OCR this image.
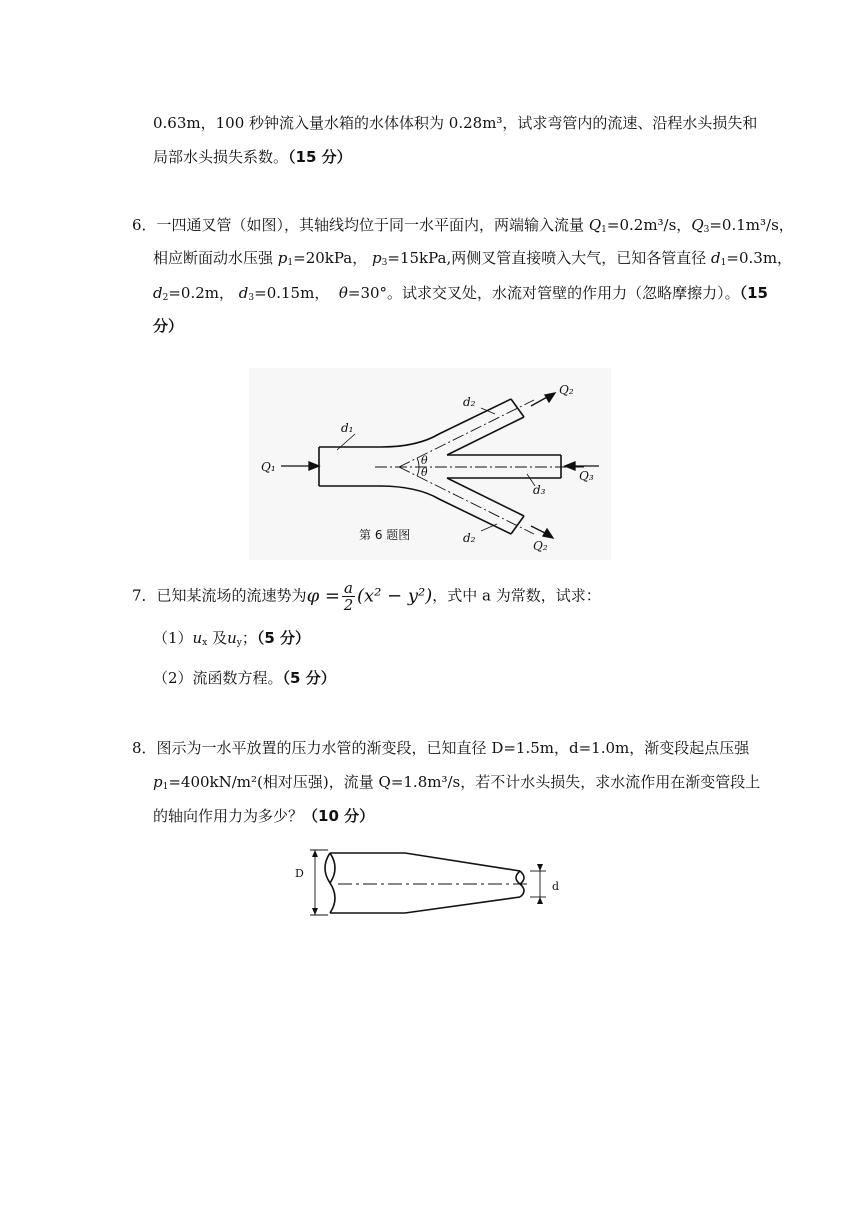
0.63m，100 秒钟流入量水箱的水体体积为 0.28m³，试求弯管内的流速、沿程水头损失和
局部水头损失系数。（15 分）
6．一四通叉管（如图），其轴线均位于同一水平面内，两端输入流量 $Q_1=0.2m^3/s$，$Q_3=0.1m^3/s$，
相应断面动水压强 $p_1=20kPa$， $p_3=15kPa$,两侧叉管直接喷入大气，已知各管直径 $d_1=0.3m$，
$d_2=0.2m$， $d_3=0.15m$， θ=30°。试求交叉处，水流对管壁的作用力（忽略摩擦力）。（15
分）
d₁
d₂
d₂
d₃
Q₁
Q₂
Q₂
Q₃
θ
θ
第 6 题图
7．已知某流场的流速势为$\varphi = \frac{a}{2} (x^2 - y^2)$，式中 a 为常数，试求：
$(1)u_x$ 及$u_y$；（5 分）
（2）流函数方程。（5 分）
8．图示为一水平放置的压力水管的渐变段，已知直径 D=1.5m，d=1.0m，渐变段起点压强
$p_1=400kN/m^2$(相对压强)，流量 Q=1.8m³/s，若不计水头损失，求水流作用在渐变管段上
的轴向作用力为多少？（10 分）
D
d
